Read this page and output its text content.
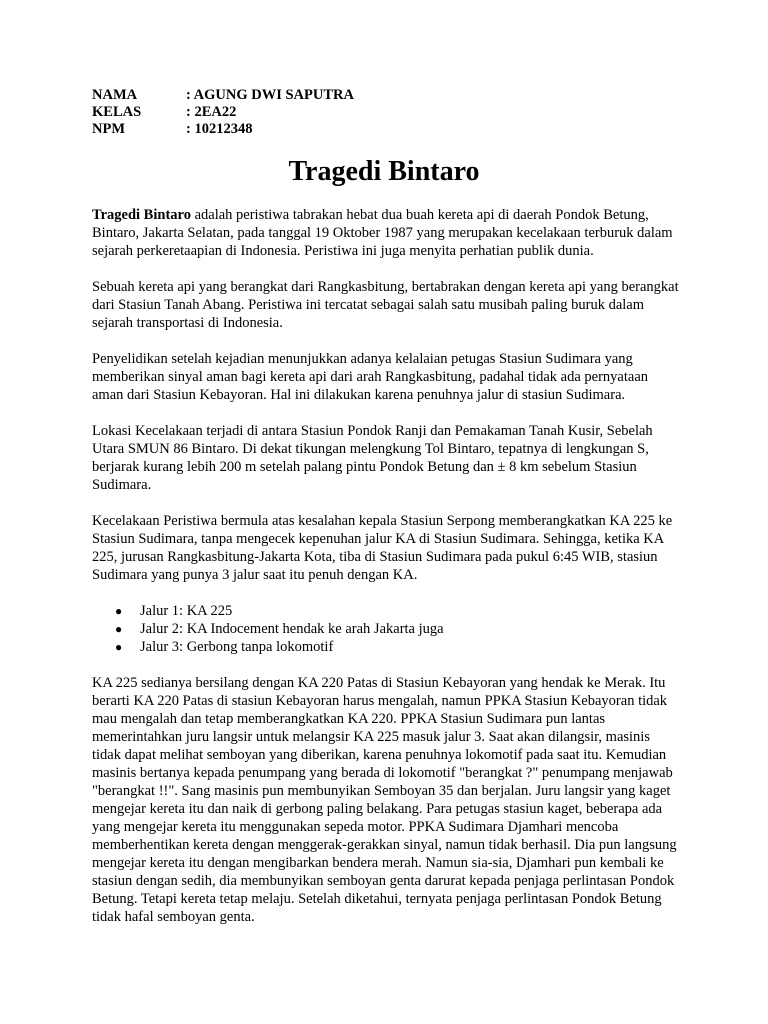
NAMA	: AGUNG DWI SAPUTRA
KELAS	: 2EA22
NPM	: 10212348
Tragedi Bintaro

Tragedi Bintaro adalah peristiwa tabrakan hebat dua buah kereta api di daerah Pondok Betung, Bintaro, Jakarta Selatan, pada tanggal 19 Oktober 1987 yang merupakan kecelakaan terburuk dalam sejarah perkeretaapian di Indonesia. Peristiwa ini juga menyita perhatian publik dunia.

Sebuah kereta api yang berangkat dari Rangkasbitung, bertabrakan dengan kereta api yang berangkat dari Stasiun Tanah Abang. Peristiwa ini tercatat sebagai salah satu musibah paling buruk dalam sejarah transportasi di Indonesia.

Penyelidikan setelah kejadian menunjukkan adanya kelalaian petugas Stasiun Sudimara yang memberikan sinyal aman bagi kereta api dari arah Rangkasbitung, padahal tidak ada pernyataan aman dari Stasiun Kebayoran. Hal ini dilakukan karena penuhnya jalur di stasiun Sudimara.

Lokasi Kecelakaan terjadi di antara Stasiun Pondok Ranji dan Pemakaman Tanah Kusir, Sebelah Utara SMUN 86 Bintaro. Di dekat tikungan melengkung Tol Bintaro, tepatnya di lengkungan S, berjarak kurang lebih 200 m setelah palang pintu Pondok Betung dan ± 8 km sebelum Stasiun Sudimara.

Kecelakaan Peristiwa bermula atas kesalahan kepala Stasiun Serpong memberangkatkan KA 225 ke Stasiun Sudimara, tanpa mengecek kepenuhan jalur KA di Stasiun Sudimara. Sehingga, ketika KA 225, jurusan Rangkasbitung-Jakarta Kota, tiba di Stasiun Sudimara pada pukul 6:45 WIB, stasiun Sudimara yang punya 3 jalur saat itu penuh dengan KA.

● Jalur 1: KA 225
● Jalur 2: KA Indocement hendak ke arah Jakarta juga
● Jalur 3: Gerbong tanpa lokomotif

KA 225 sedianya bersilang dengan KA 220 Patas di Stasiun Kebayoran yang hendak ke Merak. Itu berarti KA 220 Patas di stasiun Kebayoran harus mengalah, namun PPKA Stasiun Kebayoran tidak mau mengalah dan tetap memberangkatkan KA 220. PPKA Stasiun Sudimara pun lantas memerintahkan juru langsir untuk melangsir KA 225 masuk jalur 3. Saat akan dilangsir, masinis tidak dapat melihat semboyan yang diberikan, karena penuhnya lokomotif pada saat itu. Kemudian masinis bertanya kepada penumpang yang berada di lokomotif "berangkat ?" penumpang menjawab "berangkat !!". Sang masinis pun membunyikan Semboyan 35 dan berjalan. Juru langsir yang kaget mengejar kereta itu dan naik di gerbong paling belakang. Para petugas stasiun kaget, beberapa ada yang mengejar kereta itu menggunakan sepeda motor. PPKA Sudimara Djamhari mencoba memberhentikan kereta dengan menggerak-gerakkan sinyal, namun tidak berhasil. Dia pun langsung mengejar kereta itu dengan mengibarkan bendera merah. Namun sia-sia, Djamhari pun kembali ke stasiun dengan sedih, dia membunyikan semboyan genta darurat kepada penjaga perlintasan Pondok Betung. Tetapi kereta tetap melaju. Setelah diketahui, ternyata penjaga perlintasan Pondok Betung tidak hafal semboyan genta.
